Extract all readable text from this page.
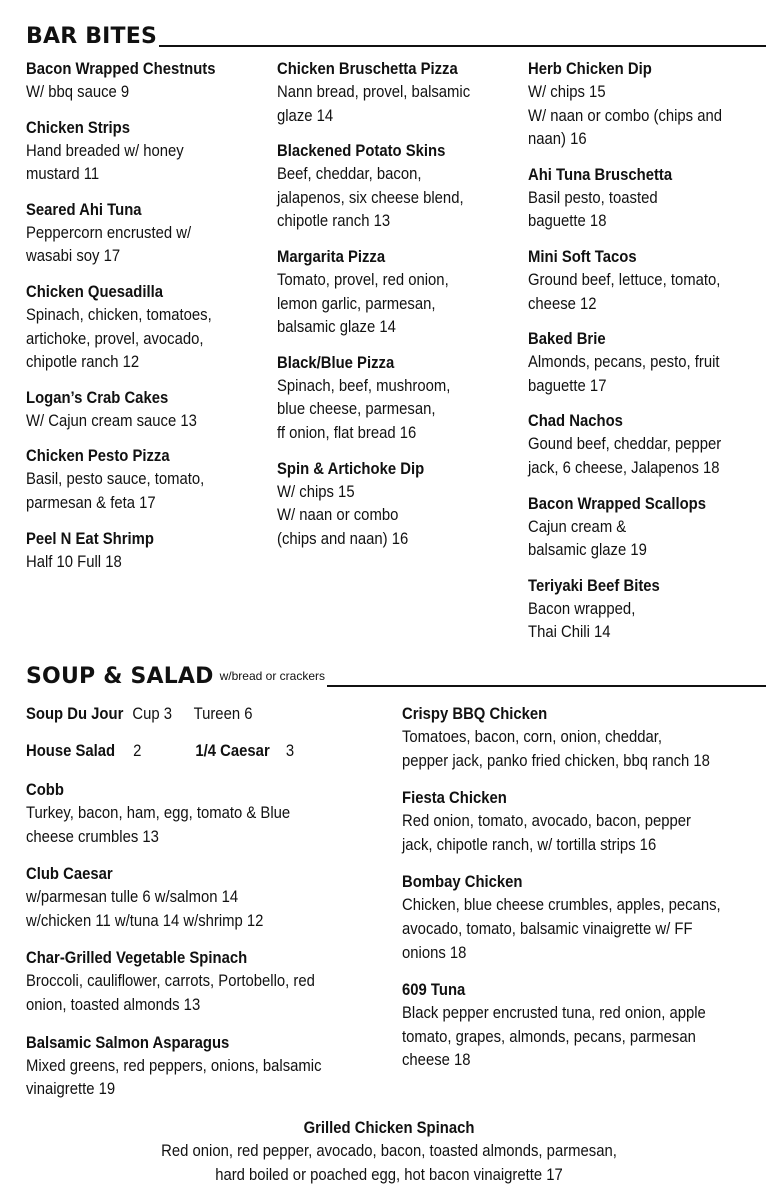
BAR BITES
Bacon Wrapped Chestnuts
W/ bbq sauce 9
Chicken Strips
Hand breaded w/ honey
mustard 11
Seared Ahi Tuna
Peppercorn encrusted w/
wasabi soy 17
Chicken Quesadilla
Spinach, chicken, tomatoes,
artichoke, provel, avocado,
chipotle ranch 12
Logan’s Crab Cakes
W/ Cajun cream sauce 13
Chicken Pesto Pizza
Basil, pesto sauce, tomato,
parmesan & feta 17
Peel N Eat Shrimp
Half 10 Full 18
Chicken Bruschetta Pizza
Nann bread, provel, balsamic
glaze 14
Blackened Potato Skins
Beef, cheddar, bacon,
jalapenos, six cheese blend,
chipotle ranch 13
Margarita Pizza
Tomato, provel, red onion,
lemon garlic, parmesan,
balsamic glaze 14
Black/Blue Pizza
Spinach, beef, mushroom,
blue cheese, parmesan,
ff onion, flat bread 16
Spin & Artichoke Dip
W/ chips 15
W/ naan or combo
(chips and naan) 16
Herb Chicken Dip
W/ chips 15
W/ naan or combo (chips and
naan) 16
Ahi Tuna Bruschetta
Basil pesto, toasted
baguette 18
Mini Soft Tacos
Ground beef, lettuce, tomato,
cheese 12
Baked Brie
Almonds, pecans, pesto, fruit
baguette 17
Chad Nachos
Gound beef, cheddar, pepper
jack, 6 cheese, Jalapenos 18
Bacon Wrapped Scallops
Cajun cream &
balsamic glaze 19
Teriyaki Beef Bites
Bacon wrapped,
Thai Chili 14
SOUP & SALAD w/bread or crackers
Soup Du Jour Cup 3 Tureen 6
House Salad 2	1/4 Caesar 3
Cobb
Turkey, bacon, ham, egg, tomato & Blue
cheese crumbles 13
Club Caesar
w/parmesan tulle 6 w/salmon 14
w/chicken 11 w/tuna 14 w/shrimp 12
Char-Grilled Vegetable Spinach
Broccoli, cauliflower, carrots, Portobello, red
onion, toasted almonds 13
Balsamic Salmon Asparagus
Mixed greens, red peppers, onions, balsamic
vinaigrette 19
Crispy BBQ Chicken
Tomatoes, bacon, corn, onion, cheddar,
pepper jack, panko fried chicken, bbq ranch 18
Fiesta Chicken
Red onion, tomato, avocado, bacon, pepper
jack, chipotle ranch, w/ tortilla strips 16
Bombay Chicken
Chicken, blue cheese crumbles, apples, pecans,
avocado, tomato, balsamic vinaigrette w/ FF
onions 18
609 Tuna
Black pepper encrusted tuna, red onion, apple
tomato, grapes, almonds, pecans, parmesan
cheese 18
Grilled Chicken Spinach
Red onion, red pepper, avocado, bacon, toasted almonds, parmesan,
hard boiled or poached egg, hot bacon vinaigrette 17
